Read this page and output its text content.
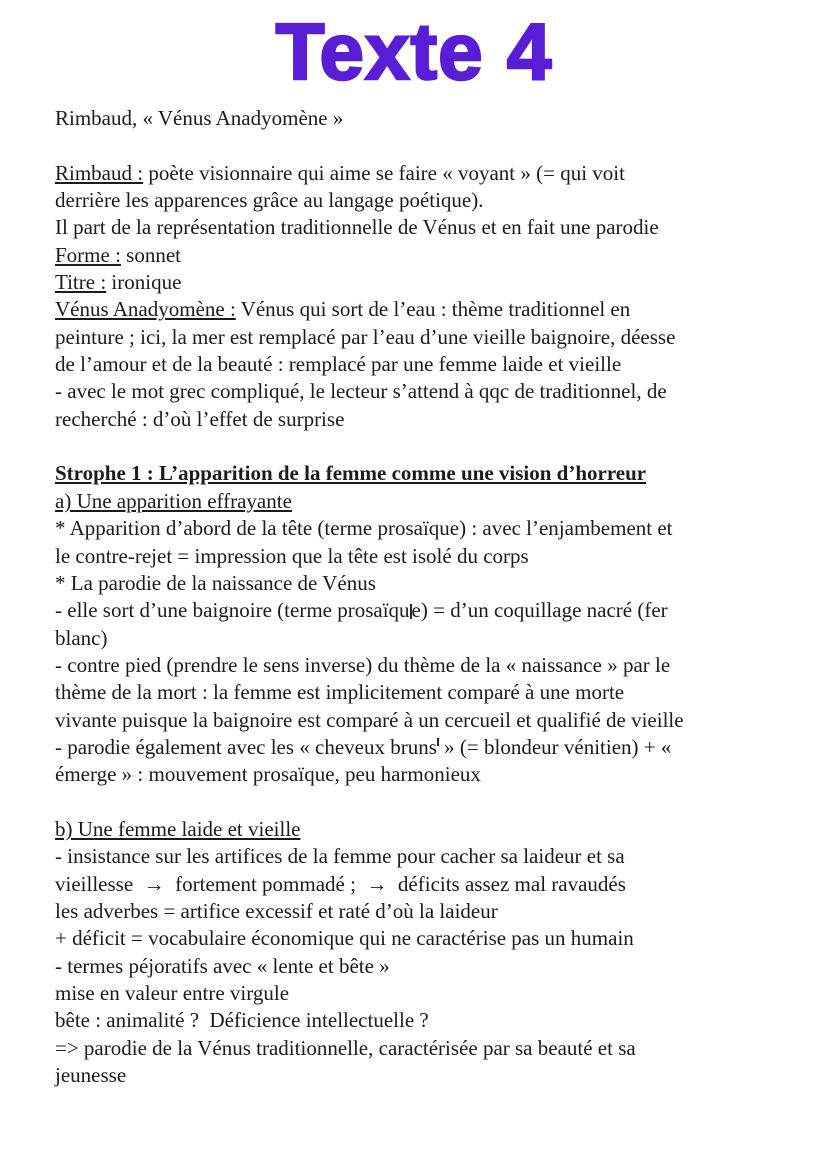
Texte 4
Rimbaud, « Vénus Anadyomène »

Rimbaud : poète visionnaire qui aime se faire « voyant » (= qui voit
derrière les apparences grâce au langage poétique).
Il part de la représentation traditionnelle de Vénus et en fait une parodie
Forme : sonnet
Titre : ironique
Vénus Anadyomène : Vénus qui sort de l’eau : thème traditionnel en
peinture ; ici, la mer est remplacé par l’eau d’une vieille baignoire, déesse
de l’amour et de la beauté : remplacé par une femme laide et vieille
- avec le mot grec compliqué, le lecteur s’attend à qqc de traditionnel, de
recherché : d’où l’effet de surprise

Strophe 1 : L’apparition de la femme comme une vision d’horreur
a) Une apparition effrayante
* Apparition d’abord de la tête (terme prosaïque) : avec l’enjambement et
le contre-rejet = impression que la tête est isolé du corps
* La parodie de la naissance de Vénus
- elle sort d’une baignoire (terme prosaïque) = d’un coquillage nacré (fer
blanc)
- contre pied (prendre le sens inverse) du thème de la « naissance » par le
thème de la mort : la femme est implicitement comparé à une morte
vivante puisque la baignoire est comparé à un cercueil et qualifié de vieille
- parodie également avec les « cheveux bruns » (= blondeur vénitien) + «
émerge » : mouvement prosaïque, peu harmonieux

b) Une femme laide et vieille
- insistance sur les artifices de la femme pour cacher sa laideur et sa
vieillesse  →  fortement pommadé ;  →  déficits assez mal ravaudés
les adverbes = artifice excessif et raté d’où la laideur
+ déficit = vocabulaire économique qui ne caractérise pas un humain
- termes péjoratifs avec « lente et bête »
mise en valeur entre virgule
bête : animalité ?  Déficience intellectuelle ?
=> parodie de la Vénus traditionnelle, caractérisée par sa beauté et sa
jeunesse
